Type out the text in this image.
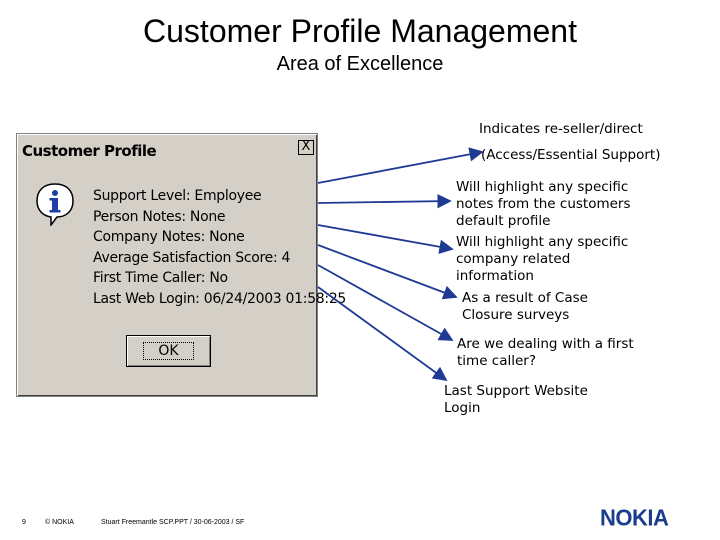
Customer Profile Management
Area of Excellence
Customer Profile	X
Support Level: Employee
Person Notes: None
Company Notes: None
Average Satisfaction Score: 4
First Time Caller: No
Last Web Login: 06/24/2003 01:58:25
OK
Indicates re-seller/direct
(Access/Essential Support)
Will highlight any specific
notes from the customers
default profile
Will highlight any specific
company related
information
As a result of Case
Closure surveys
Are we dealing with a first
time caller?
Last Support Website
Login
9	© NOKIA	Stuart Freemantle SCP.PPT / 30-06-2003 / SF	NOKIA
